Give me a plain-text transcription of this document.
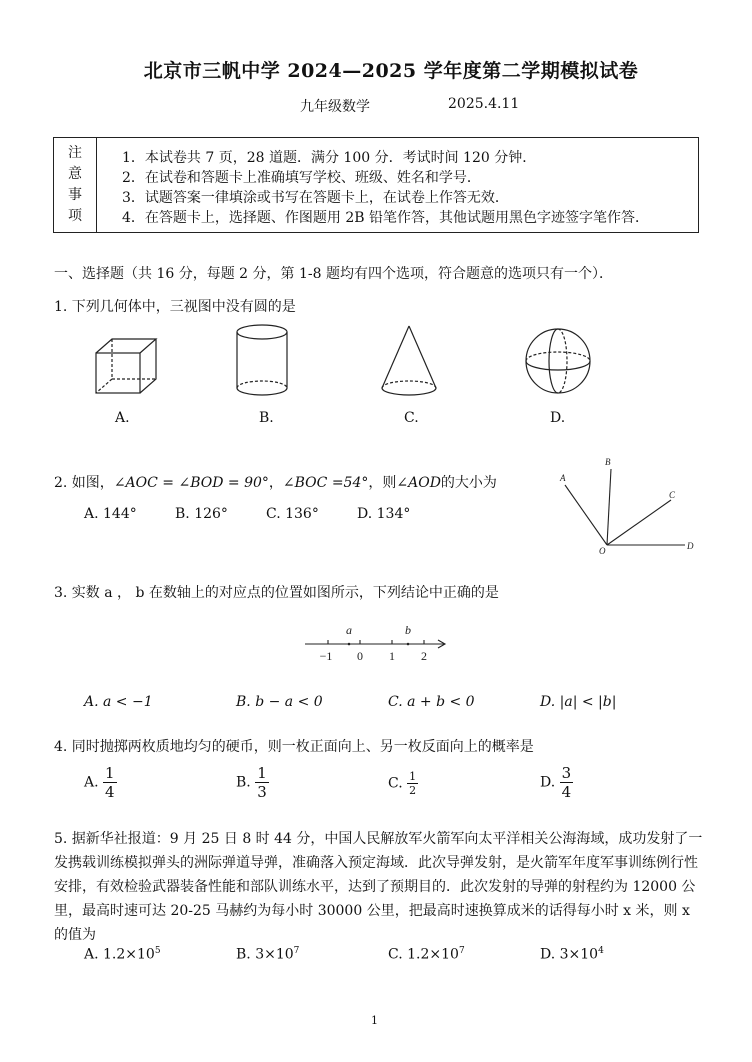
北京市三帆中学 2024—2025 学年度第二学期模拟试卷
九年级数学	2025.4.11
注
意
事
项
1．本试卷共 7 页，28 道题．满分 100 分．考试时间 120 分钟．
2．在试卷和答题卡上准确填写学校、班级、姓名和学号．
3．试题答案一律填涂或书写在答题卡上，在试卷上作答无效．
4．在答题卡上，选择题、作图题用 2B 铅笔作答，其他试题用黑色字迹签字笔作答．
一、选择题（共 16 分，每题 2 分，第 1-8 题均有四个选项，符合题意的选项只有一个）．
1. 下列几何体中，三视图中没有圆的是
A.	B.	C.	D.
2. 如图，∠AOC = ∠BOD = 90°，∠BOC =54°，则∠AOD的大小为
A. 144°	B. 126°	C. 136°	D. 134°
A
B
C
O	D
3. 实数 a ， b 在数轴上的对应点的位置如图所示，下列结论中正确的是
a	b
−1 0 1 2
A. a < −1	B. b − a < 0	C. a + b < 0	D. |a| < |b|
4. 同时抛掷两枚质地均匀的硬币，则一枚正面向上、另一枚反面向上的概率是
A. $\frac{1}{4}$	B. $\frac{1}{3}$	C. $\frac{1}{2}$	D. $\frac{3}{4}$
5. 据新华社报道：9 月 25 日 8 时 44 分，中国人民解放军火箭军向太平洋相关公海海域，成功发射了一发携载训练模拟弹头的洲际弹道导弹，准确落入预定海域．此次导弹发射，是火箭军年度军事训练例行性安排，有效检验武器装备性能和部队训练水平，达到了预期目的．此次发射的导弹的射程约为 12000 公里，最高时速可达 20-25 马赫约为每小时 30000 公里，把最高时速换算成米的话得每小时 x 米，则 x 的值为
A. $1.2\times 10^5$	B. $3\times 10^7$	C. $1.2\times 10^7$	D. $3\times 10^4$
1
